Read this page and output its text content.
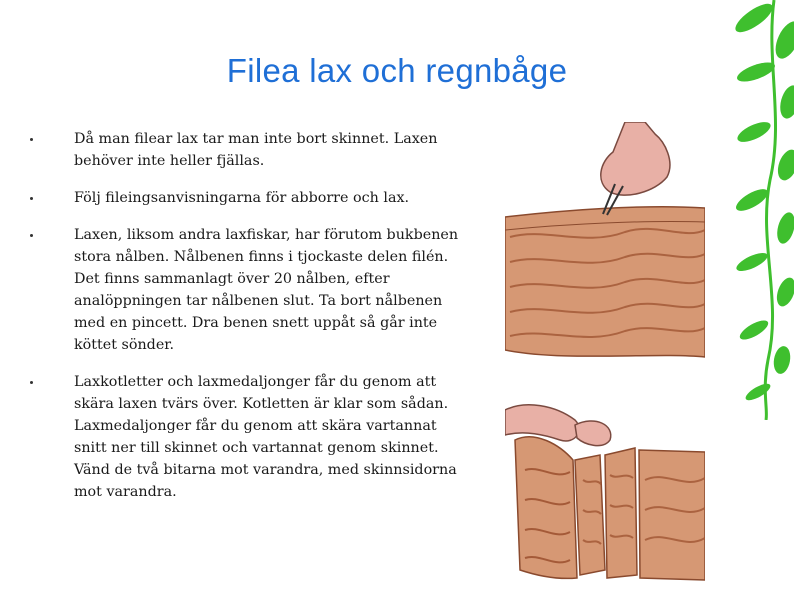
Filea lax och regnbåge
Då man filear lax tar man inte bort skinnet. Laxen behöver inte heller fjällas.
Följ fileingsanvisningarna för abborre och lax.
Laxen, liksom andra laxfiskar, har förutom bukbenen stora nålben. Nålbenen finns i tjockaste delen filén. Det finns sammanlagt över 20 nålben, efter analöppningen tar nålbenen slut. Ta bort nålbenen med en pincett. Dra benen snett uppåt så går inte köttet sönder.
Laxkotletter och laxmedaljonger får du genom att skära laxen tvärs över. Kotletten är klar som sådan. Laxmedaljonger får du genom att skära vartannat snitt ner till skinnet och vartannat genom skinnet. Vänd de två bitarna mot varandra, med skinnsidorna mot varandra.
